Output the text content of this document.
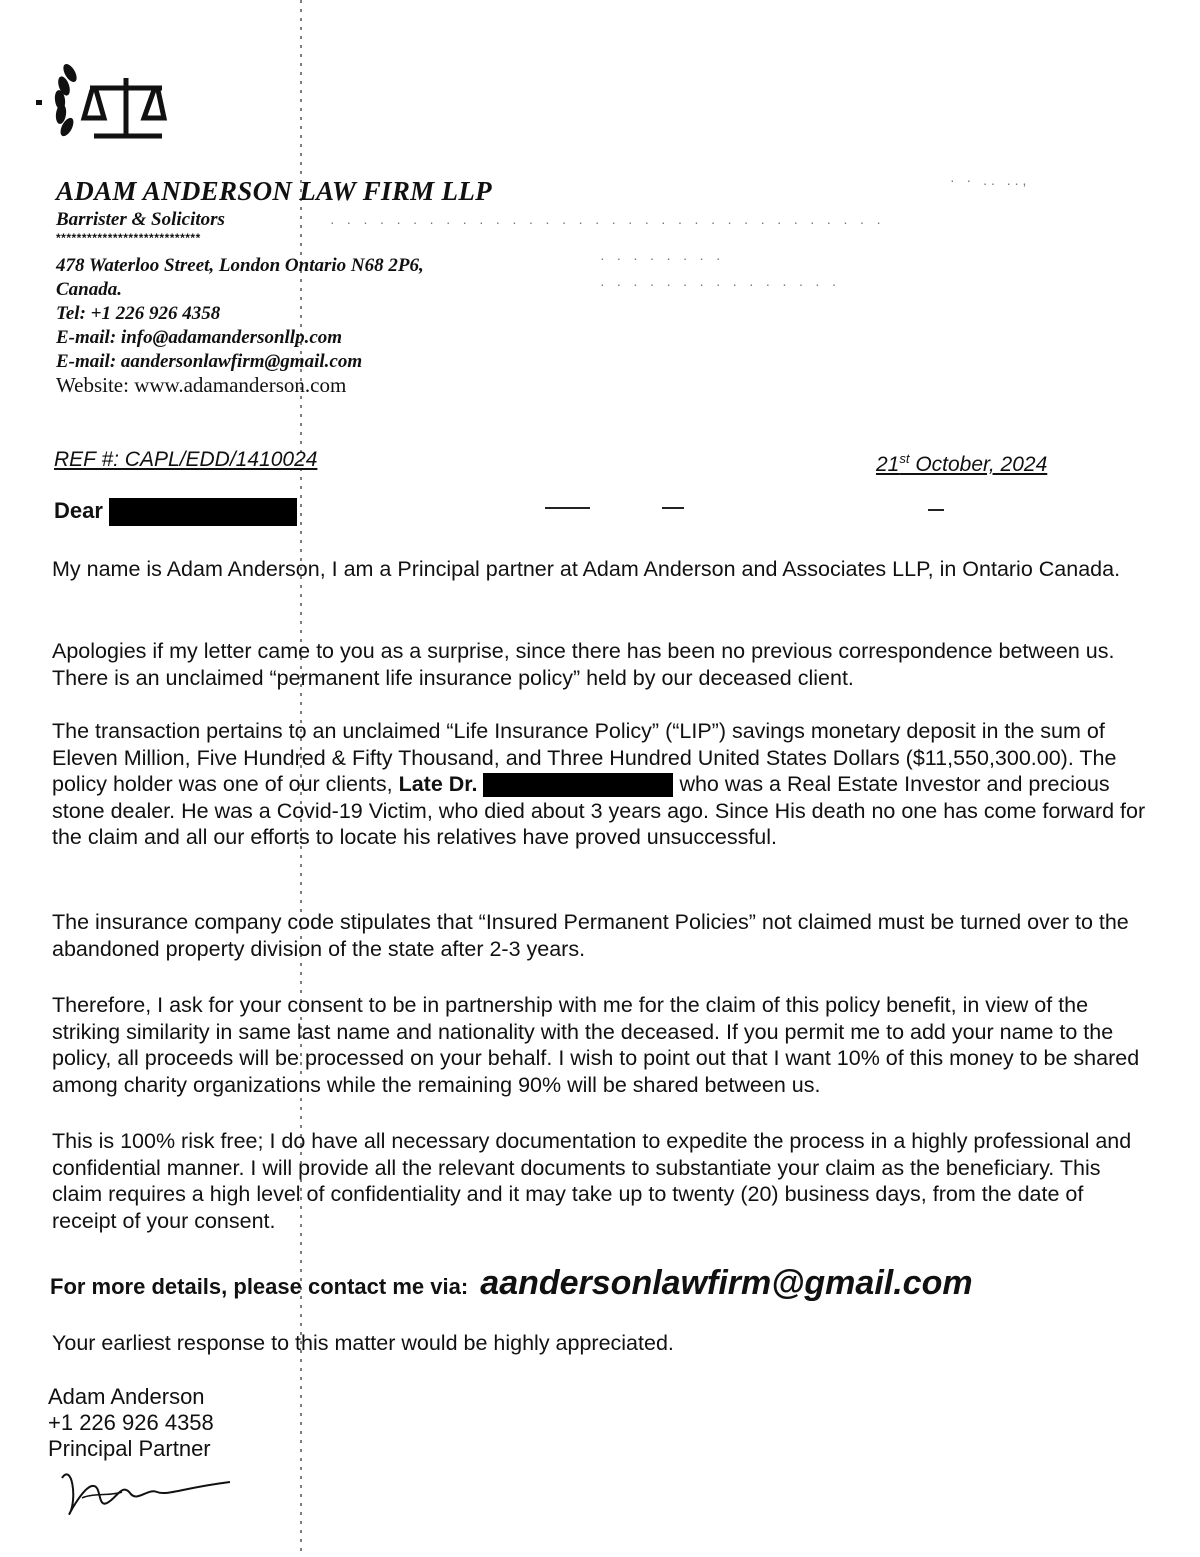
ADAM ANDERSON LAW FIRM LLP
Barrister & Solicitors
****************************
478 Waterloo Street, London Ontario N68 2P6,
Canada.
Tel: +1 226 926 4358
E-mail: info@adamandersonllp.com
E-mail: aandersonlawfirm@gmail.com
Website: www.adamanderson.com
· · .. ..,
· · · · · · · · · · · · · · · · · · · · · · · · · · · · · · · · · ·
· · · · · · · ·
· · · · · · · · · · · · · · ·
REF #: CAPL/EDD/1410024	21st October, 2024
Dear
My name is Adam Anderson, I am a Principal partner at Adam Anderson and Associates LLP, in Ontario Canada.
Apologies if my letter came to you as a surprise, since there has been no previous correspondence between us. There is an unclaimed “permanent life insurance policy” held by our deceased client.
The transaction pertains to an unclaimed “Life Insurance Policy” (“LIP”) savings monetary deposit in the sum of Eleven Million, Five Hundred & Fifty Thousand, and Three Hundred United States Dollars ($11,550,300.00). The policy holder was one of our clients, Late Dr.	who was a Real Estate Investor and precious stone dealer. He was a Covid-19 Victim, who died about 3 years ago. Since His death no one has come forward for the claim and all our efforts to locate his relatives have proved unsuccessful.
The insurance company code stipulates that “Insured Permanent Policies” not claimed must be turned over to the abandoned property division of the state after 2-3 years.
Therefore, I ask for your consent to be in partnership with me for the claim of this policy benefit, in view of the striking similarity in same last name and nationality with the deceased. If you permit me to add your name to the policy, all proceeds will be processed on your behalf. I wish to point out that I want 10% of this money to be shared among charity organizations while the remaining 90% will be shared between us.
This is 100% risk free; I do have all necessary documentation to expedite the process in a highly professional and confidential manner. I will provide all the relevant documents to substantiate your claim as the beneficiary. This claim requires a high level of confidentiality and it may take up to twenty (20) business days, from the date of receipt of your consent.
For more details, please contact me via: aandersonlawfirm@gmail.com
Your earliest response to this matter would be highly appreciated.
Adam Anderson
+1 226 926 4358
Principal Partner
